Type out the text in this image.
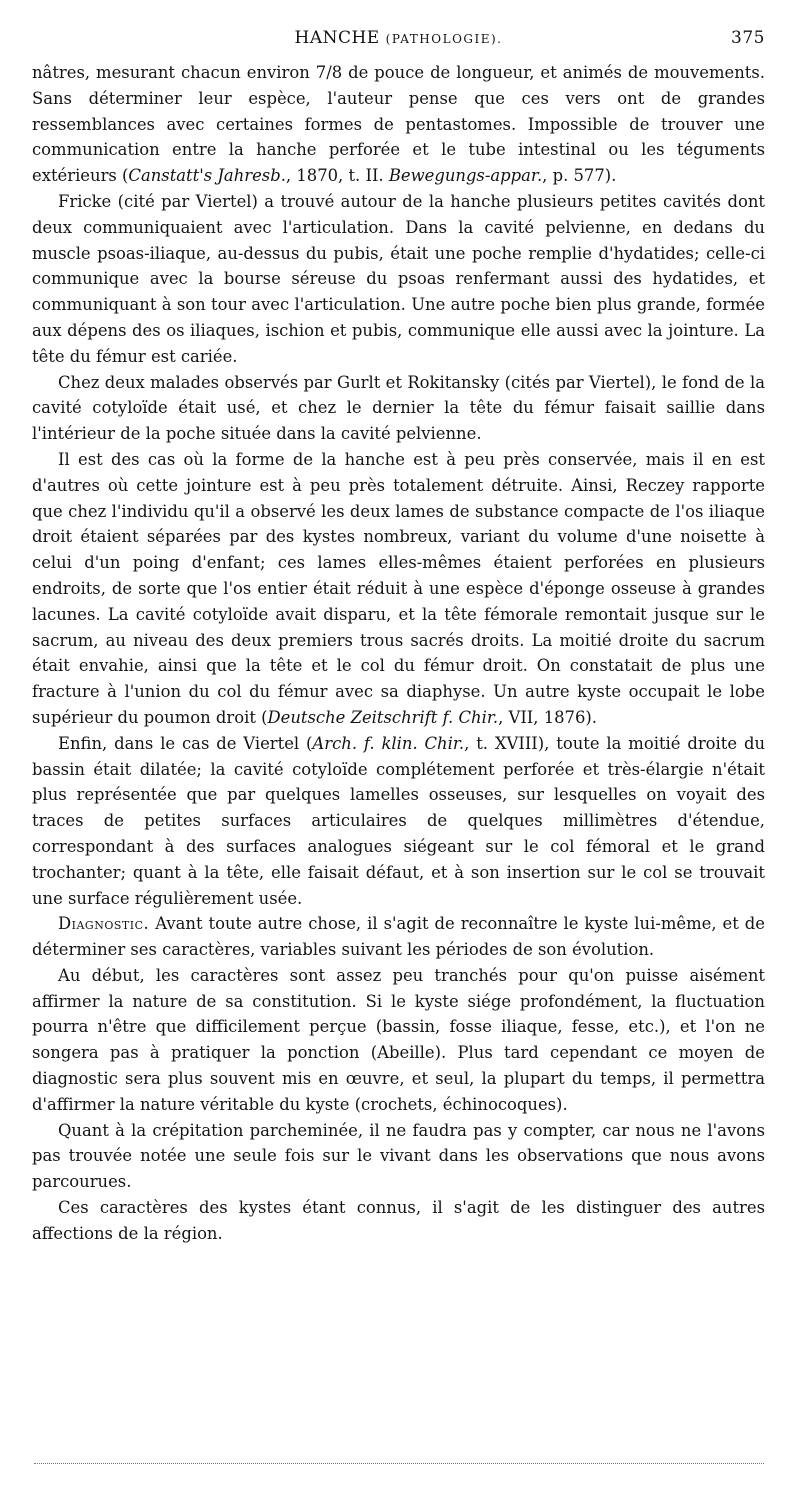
HANCHE (PATHOLOGIE).	375

nâtres, mesurant chacun environ 7/8 de pouce de longueur, et animés de mouvements. Sans déterminer leur espèce, l'auteur pense que ces vers ont de grandes ressemblances avec certaines formes de pentastomes. Impossible de trouver une communication entre la hanche perforée et le tube intestinal ou les téguments extérieurs (Canstatt's Jahresb., 1870, t. II. Bewegungs-appar., p. 577).

Fricke (cité par Viertel) a trouvé autour de la hanche plusieurs petites cavités dont deux communiquaient avec l'articulation. Dans la cavité pelvienne, en dedans du muscle psoas-iliaque, au-dessus du pubis, était une poche remplie d'hydatides; celle-ci communique avec la bourse séreuse du psoas renfermant aussi des hydatides, et communiquant à son tour avec l'articulation. Une autre poche bien plus grande, formée aux dépens des os iliaques, ischion et pubis, communique elle aussi avec la jointure. La tête du fémur est cariée.

Chez deux malades observés par Gurlt et Rokitansky (cités par Viertel), le fond de la cavité cotyloïde était usé, et chez le dernier la tête du fémur faisait saillie dans l'intérieur de la poche située dans la cavité pelvienne.

Il est des cas où la forme de la hanche est à peu près conservée, mais il en est d'autres où cette jointure est à peu près totalement détruite. Ainsi, Reczey rapporte que chez l'individu qu'il a observé les deux lames de substance compacte de l'os iliaque droit étaient séparées par des kystes nombreux, variant du volume d'une noisette à celui d'un poing d'enfant; ces lames elles-mêmes étaient perforées en plusieurs endroits, de sorte que l'os entier était réduit à une espèce d'éponge osseuse à grandes lacunes. La cavité cotyloïde avait disparu, et la tête fémorale remontait jusque sur le sacrum, au niveau des deux premiers trous sacrés droits. La moitié droite du sacrum était envahie, ainsi que la tête et le col du fémur droit. On constatait de plus une fracture à l'union du col du fémur avec sa diaphyse. Un autre kyste occupait le lobe supérieur du poumon droit (Deutsche Zeitschrift f. Chir., VII, 1876).

Enfin, dans le cas de Viertel (Arch. f. klin. Chir., t. XVIII), toute la moitié droite du bassin était dilatée; la cavité cotyloïde complétement perforée et très-élargie n'était plus représentée que par quelques lamelles osseuses, sur lesquelles on voyait des traces de petites surfaces articulaires de quelques millimètres d'étendue, correspondant à des surfaces analogues siégeant sur le col fémoral et le grand trochanter; quant à la tête, elle faisait défaut, et à son insertion sur le col se trouvait une surface régulièrement usée.

Diagnostic. Avant toute autre chose, il s'agit de reconnaître le kyste lui-même, et de déterminer ses caractères, variables suivant les périodes de son évolution.

Au début, les caractères sont assez peu tranchés pour qu'on puisse aisément affirmer la nature de sa constitution. Si le kyste siége profondément, la fluctuation pourra n'être que difficilement perçue (bassin, fosse iliaque, fesse, etc.), et l'on ne songera pas à pratiquer la ponction (Abeille). Plus tard cependant ce moyen de diagnostic sera plus souvent mis en œuvre, et seul, la plupart du temps, il permettra d'affirmer la nature véritable du kyste (crochets, échinocoques).

Quant à la crépitation parcheminée, il ne faudra pas y compter, car nous ne l'avons pas trouvée notée une seule fois sur le vivant dans les observations que nous avons parcourues.

Ces caractères des kystes étant connus, il s'agit de les distinguer des autres affections de la région.
